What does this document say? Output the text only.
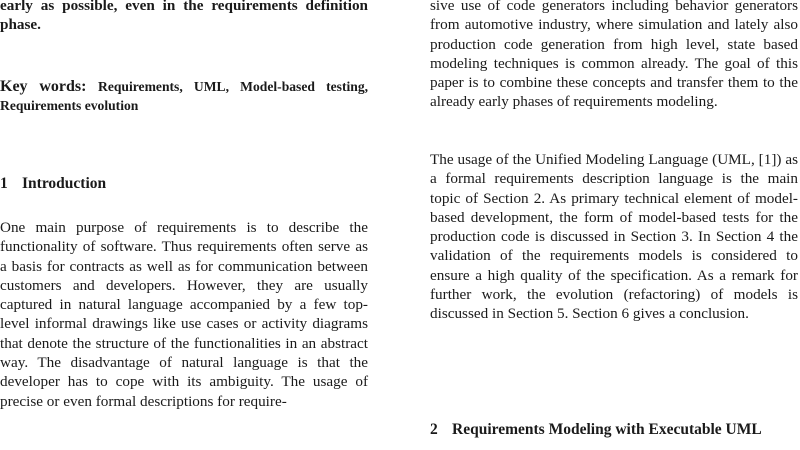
early as possible, even in the requirements definition phase.

Key words: Requirements, UML, Model-based testing, Requirements evolution

1 Introduction

One main purpose of requirements is to describe the functionality of software. Thus requirements often serve as a basis for contracts as well as for communication between customers and developers. However, they are usually captured in natural language accompanied by a few top-level informal drawings like use cases or activity diagrams that denote the structure of the functionalities in an abstract way. The disadvantage of natural language is that the developer has to cope with its ambiguity. The usage of precise or even formal descriptions for require-

sive use of code generators including behavior generators from automotive industry, where simulation and lately also production code generation from high level, state based modeling techniques is common already. The goal of this paper is to combine these concepts and transfer them to the already early phases of requirements modeling.

The usage of the Unified Modeling Language (UML, [1]) as a formal requirements description language is the main topic of Section 2. As primary technical element of model-based development, the form of model-based tests for the production code is discussed in Section 3. In Section 4 the validation of the requirements models is considered to ensure a high quality of the specification. As a remark for further work, the evolution (refactoring) of models is discussed in Section 5. Section 6 gives a conclusion.

2 Requirements Modeling with Executable UML
